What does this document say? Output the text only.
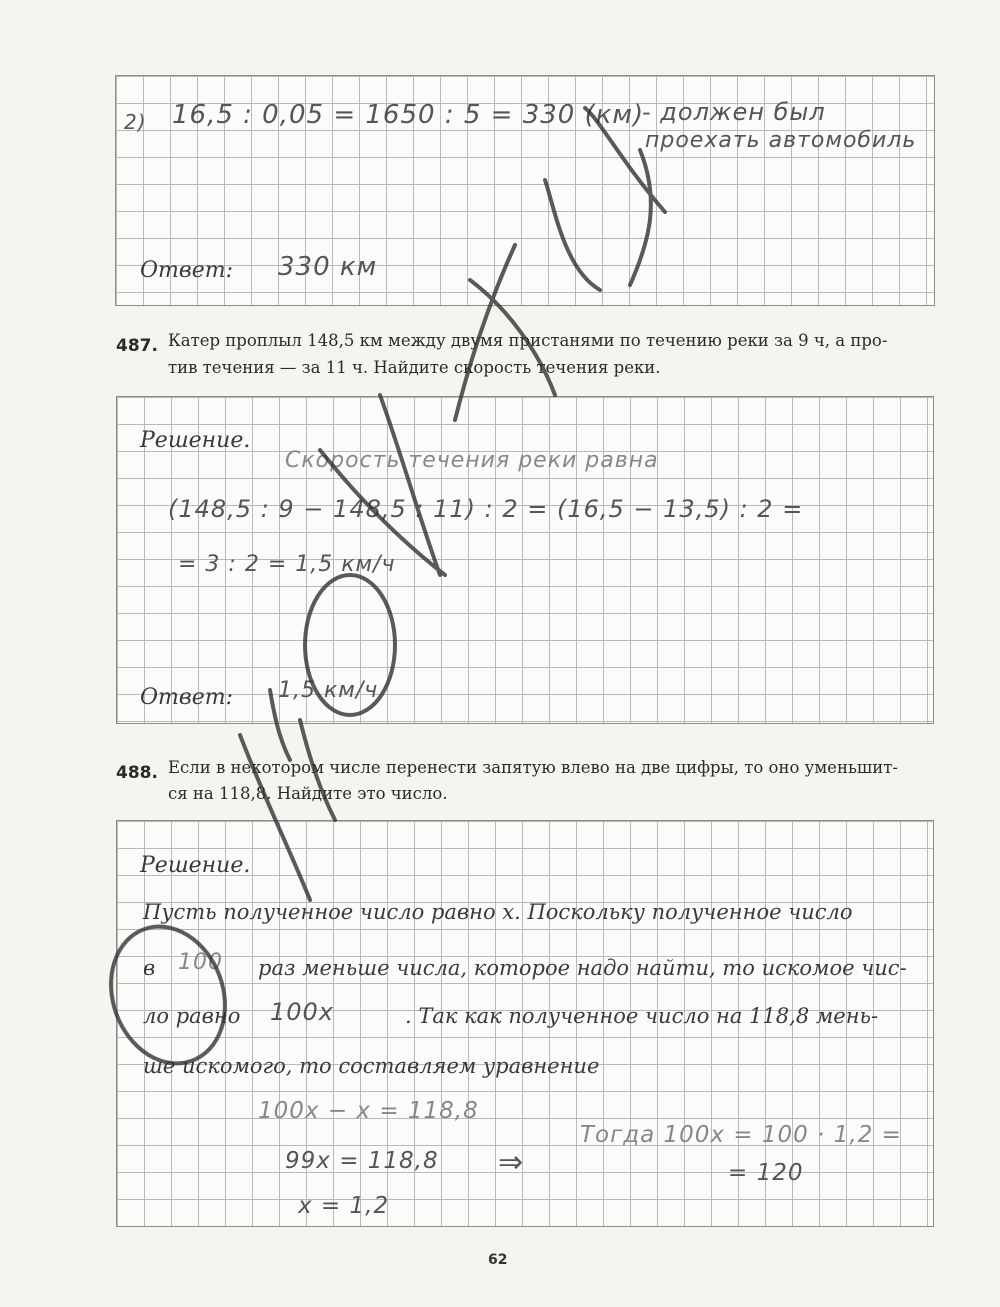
2) 16,5 : 0,05 = 1650 : 5 = 330 (км)
- должен был
проехать автомобиль
Ответ: 330 км
487. Катер проплыл 148,5 км между двумя пристанями по течению реки за 9 ч, а про-
тив течения — за 11 ч. Найдите скорость течения реки.
Решение.
Скорость течения реки равна
(148,5 : 9 − 148,5 : 11) : 2 = (16,5 − 13,5) : 2 =
= 3 : 2 = 1,5 км/ч
Ответ: 1,5 км/ч
488. Если в некотором числе перенести запятую влево на две цифры, то оно уменьшит-
ся на 118,8. Найдите это число.
Решение.
Пусть полученное число равно x. Поскольку полученное число
в 100 раз меньше числа, которое надо найти, то искомое чис-
ло равно 100x	. Так как полученное число на 118,8 мень-
ше искомого, то составляем уравнение
100x − x = 118,8
99x = 118,8 ⇒
x = 1,2
Тогда 100x = 100 · 1,2 =
= 120
62
